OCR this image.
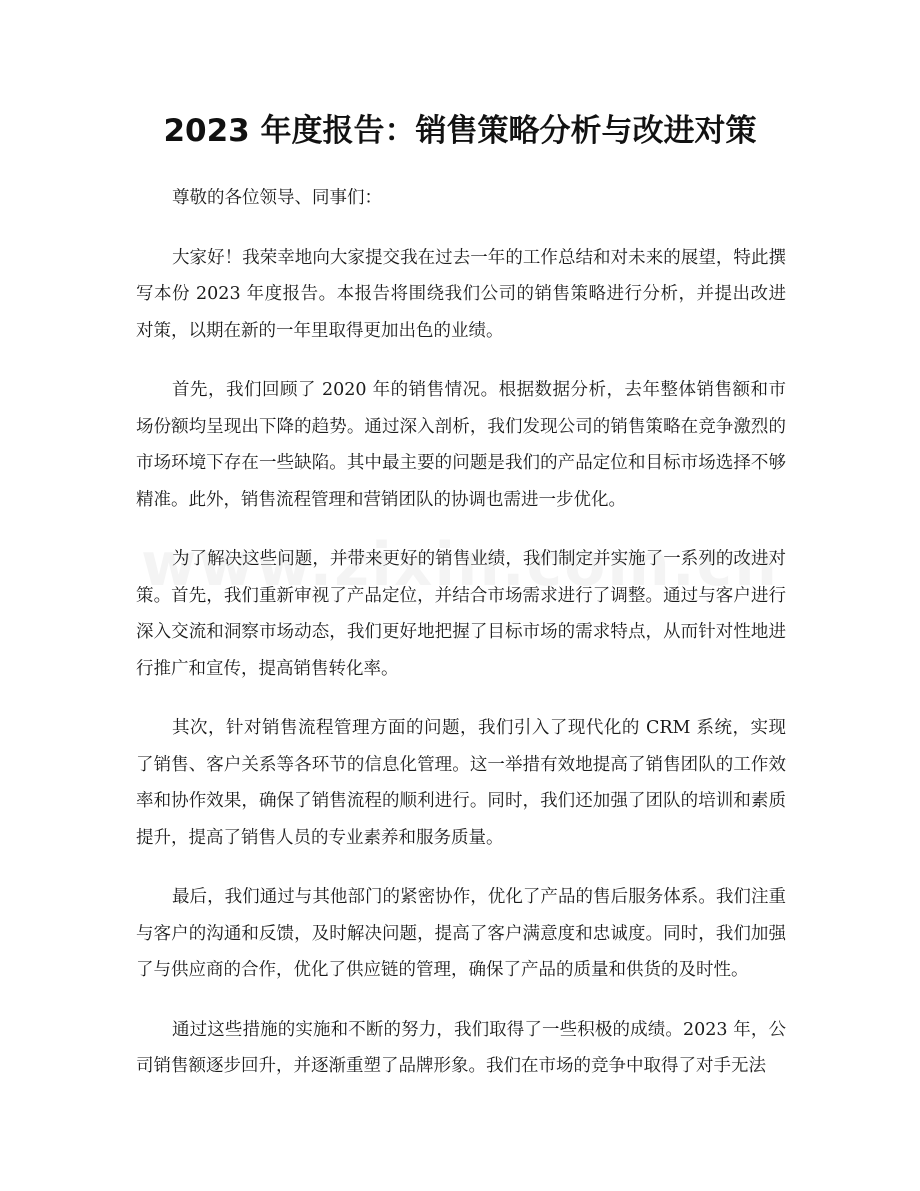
2023 年度报告：销售策略分析与改进对策

尊敬的各位领导、同事们：

大家好！我荣幸地向大家提交我在过去一年的工作总结和对未来的展望，特此撰写本份 2023 年度报告。本报告将围绕我们公司的销售策略进行分析，并提出改进对策，以期在新的一年里取得更加出色的业绩。

首先，我们回顾了 2020 年的销售情况。根据数据分析，去年整体销售额和市场份额均呈现出下降的趋势。通过深入剖析，我们发现公司的销售策略在竞争激烈的市场环境下存在一些缺陷。其中最主要的问题是我们的产品定位和目标市场选择不够精准。此外，销售流程管理和营销团队的协调也需进一步优化。

为了解决这些问题，并带来更好的销售业绩，我们制定并实施了一系列的改进对策。首先，我们重新审视了产品定位，并结合市场需求进行了调整。通过与客户进行深入交流和洞察市场动态，我们更好地把握了目标市场的需求特点，从而针对性地进行推广和宣传，提高销售转化率。

其次，针对销售流程管理方面的问题，我们引入了现代化的 CRM 系统，实现了销售、客户关系等各环节的信息化管理。这一举措有效地提高了销售团队的工作效率和协作效果，确保了销售流程的顺利进行。同时，我们还加强了团队的培训和素质提升，提高了销售人员的专业素养和服务质量。

最后，我们通过与其他部门的紧密协作，优化了产品的售后服务体系。我们注重与客户的沟通和反馈，及时解决问题，提高了客户满意度和忠诚度。同时，我们加强了与供应商的合作，优化了供应链的管理，确保了产品的质量和供货的及时性。

通过这些措施的实施和不断的努力，我们取得了一些积极的成绩。2023 年，公司销售额逐步回升，并逐渐重塑了品牌形象。我们在市场的竞争中取得了对手无法
